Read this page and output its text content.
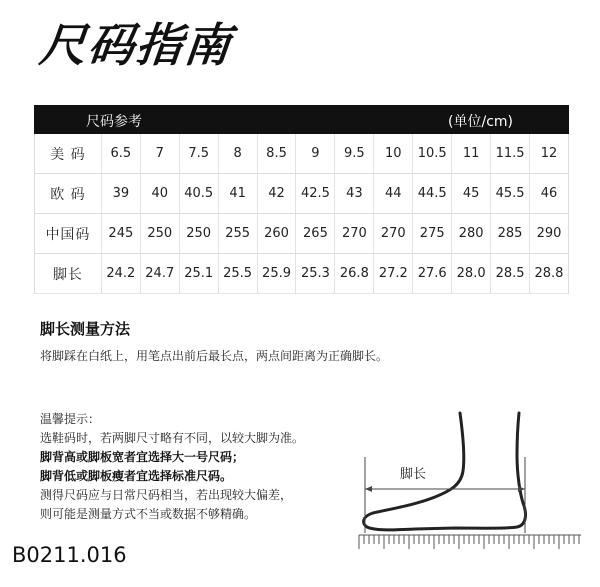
尺码指南
尺码参考	(单位/cm)
美 码	6.5	7	7.5	8	8.5	9	9.5	10	10.5	11	11.5	12
欧 码	39	40	40.5	41	42	42.5	43	44	44.5	45	45.5	46
中国码	245	250	250	255	260	265	270	270	275	280	285	290
脚长	24.2 24.7 25.1 25.5 25.9 25.3 26.8 27.2 27.6 28.0 28.5 28.8
脚长测量方法
将脚踩在白纸上，用笔点出前后最长点，两点间距离为正确脚长。
温馨提示：
选鞋码时，若两脚尺寸略有不同，以较大脚为准。
脚背高或脚板宽者宜选择大一号尺码；
脚背低或脚板瘦者宜选择标准尺码。
测得尺码应与日常尺码相当，若出现较大偏差，
则可能是测量方式不当或数据不够精确。
脚长
B0211.016
